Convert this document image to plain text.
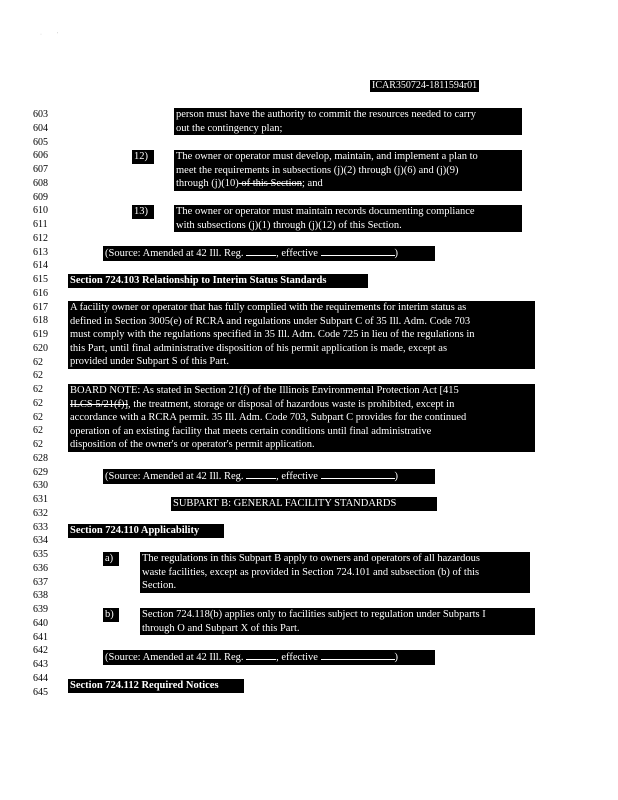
·          '
ICAR350724-1811594r01
603
604
605
606
607
608
609
610
611
612
613
614
615
616
617
618
619
620
62
62
62
62
62
62
62
628
629
630
631
632
633
634
635
636
637
638
639
640
641
642
643
644
645
person must have the authority to commit the resources needed to carry
out the contingency plan;
12)	The owner or operator must develop, maintain, and implement a plan to
meet the requirements in subsections (j)(2) through (j)(6) and (j)(9)
through (j)(10) of this Section; and
13)	The owner or operator must maintain records documenting compliance
with subsections (j)(1) through (j)(12) of this Section.
(Source: Amended at 42 Ill. Reg.	, effective	)
Section 724.103 Relationship to Interim Status Standards
A facility owner or operator that has fully complied with the requirements for interim status as
defined in Section 3005(e) of RCRA and regulations under Subpart C of 35 Ill. Adm. Code 703
must comply with the regulations specified in 35 Ill. Adm. Code 725 in lieu of the regulations in
this Part, until final administrative disposition of his permit application is made, except as
provided under Subpart S of this Part.
BOARD NOTE: As stated in Section 21(f) of the Illinois Environmental Protection Act [415
ILCS 5/21(f)], the treatment, storage or disposal of hazardous waste is prohibited, except in
accordance with a RCRA permit. 35 Ill. Adm. Code 703, Subpart C provides for the continued
operation of an existing facility that meets certain conditions until final administrative
disposition of the owner's or operator's permit application.
(Source: Amended at 42 Ill. Reg.	, effective	)
SUBPART B: GENERAL FACILITY STANDARDS
Section 724.110 Applicability
a)	The regulations in this Subpart B apply to owners and operators of all hazardous
waste facilities, except as provided in Section 724.101 and subsection (b) of this
Section.
b)	Section 724.118(b) applies only to facilities subject to regulation under Subparts I
through O and Subpart X of this Part.
(Source: Amended at 42 Ill. Reg.	, effective	)
Section 724.112 Required Notices
